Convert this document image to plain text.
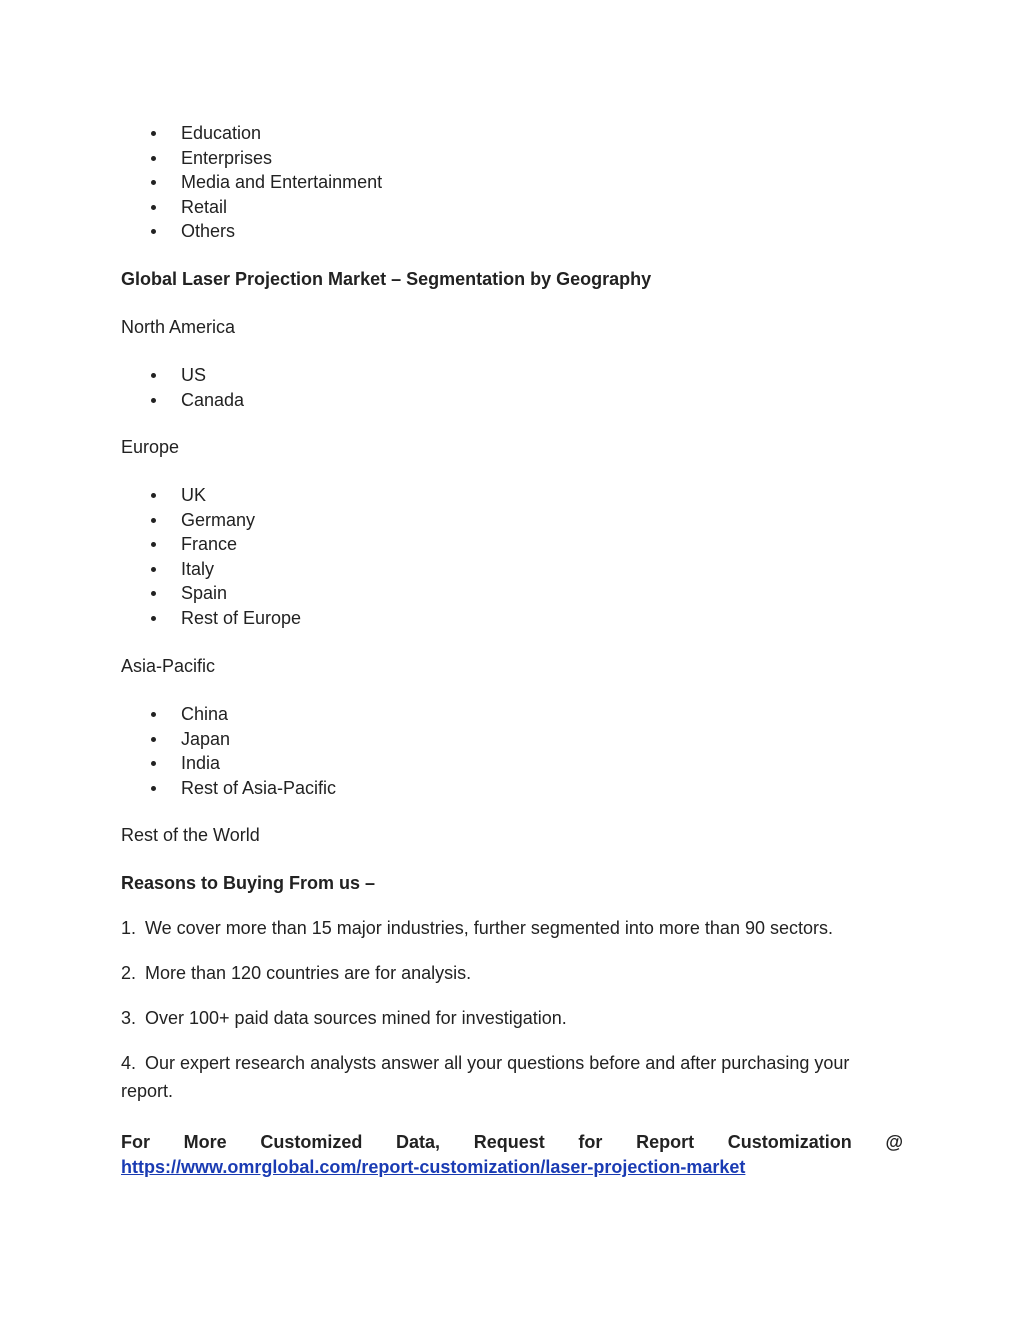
Education
Enterprises
Media and Entertainment
Retail
Others
Global Laser Projection Market – Segmentation by Geography
North America
US
Canada
Europe
UK
Germany
France
Italy
Spain
Rest of Europe
Asia-Pacific
China
Japan
India
Rest of Asia-Pacific
Rest of the World
Reasons to Buying From us –
1. We cover more than 15 major industries, further segmented into more than 90 sectors.
2. More than 120 countries are for analysis.
3. Over 100+ paid data sources mined for investigation.
4. Our expert research analysts answer all your questions before and after purchasing your report.
For More Customized Data, Request for Report Customization @
https://www.omrglobal.com/report-customization/laser-projection-market
